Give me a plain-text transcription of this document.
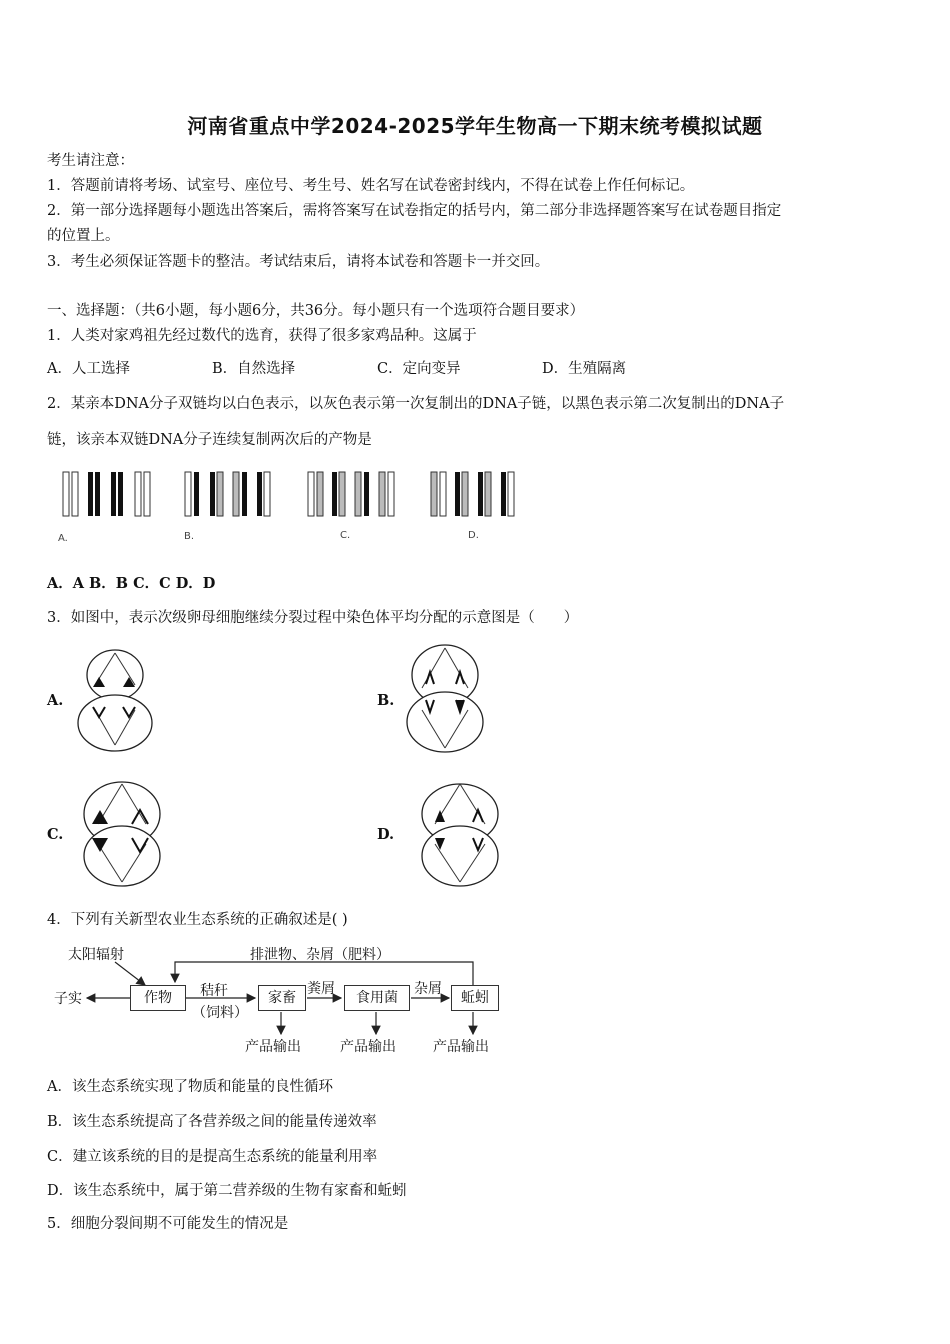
河南省重点中学2024-2025学年生物高一下期末统考模拟试题
考生请注意：
1．答题前请将考场、试室号、座位号、考生号、姓名写在试卷密封线内，不得在试卷上作任何标记。
2．第一部分选择题每小题选出答案后，需将答案写在试卷指定的括号内，第二部分非选择题答案写在试卷题目指定
的位置上。
3．考生必须保证答题卡的整洁。考试结束后，请将本试卷和答题卡一并交回。
一、选择题：（共6小题，每小题6分，共36分。每小题只有一个选项符合题目要求）
1．人类对家鸡祖先经过数代的选育，获得了很多家鸡品种。这属于
A．人工选择	B．自然选择	C．定向变异	D．生殖隔离
2．某亲本DNA分子双链均以白色表示，以灰色表示第一次复制出的DNA子链，以黑色表示第二次复制出的DNA子
链，该亲本双链DNA分子连续复制两次后的产物是
A.	B.	C.	D.
A．A B．B C．C D．D
3．如图中，表示次级卵母细胞继续分裂过程中染色体平均分配的示意图是（　　）
A.	B.
C.	D.
4．下列有关新型农业生态系统的正确叙述是( )
太阳辐射	排泄物、杂屑（肥料）
子实	作物	秸秆
（饲料）
家畜
粪屑
食用菌
杂屑
蚯蚓
产品输出	产品输出	产品输出
A．该生态系统实现了物质和能量的良性循环
B．该生态系统提高了各营养级之间的能量传递效率
C．建立该系统的目的是提高生态系统的能量利用率
D．该生态系统中，属于第二营养级的生物有家畜和蚯蚓
5．细胞分裂间期不可能发生的情况是
